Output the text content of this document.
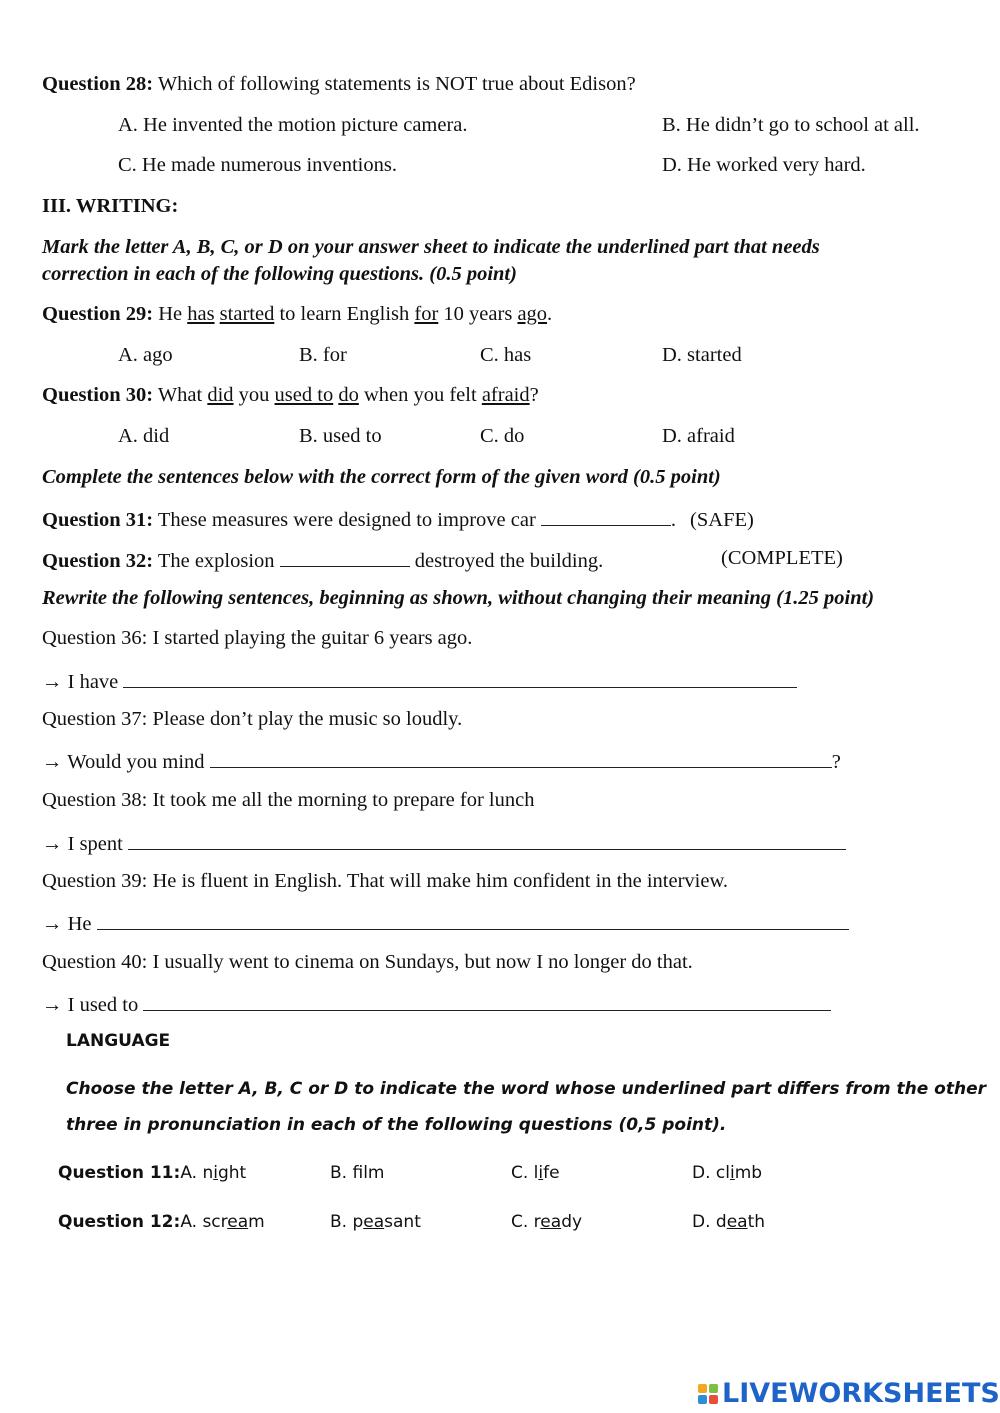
Question 28: Which of following statements is NOT true about Edison?
A. He invented the motion picture camera.	B. He didn’t go to school at all.
C. He made numerous inventions.	D. He worked very hard.
III. WRITING:
Mark the letter A, B, C, or D on your answer sheet to indicate the underlined part that needs
correction in each of the following questions. (0.5 point)
Question 29: He has started to learn English for 10 years ago.
A. ago	B. for	C. has	D. started
Question 30: What did you used to do when you felt afraid?
A. did	B. used to	C. do	D. afraid
Complete the sentences below with the correct form of the given word (0.5 point)
Question 31: These measures were designed to improve car	. (SAFE)
Question 32: The explosion	destroyed the building.	(COMPLETE)
Rewrite the following sentences, beginning as shown, without changing their meaning (1.25 point)
Question 36: I started playing the guitar 6 years ago.
→ I have
Question 37: Please don’t play the music so loudly.
→ Would you mind	?
Question 38: It took me all the morning to prepare for lunch
→ I spent
Question 39: He is fluent in English. That will make him confident in the interview.
→ He
Question 40: I usually went to cinema on Sundays, but now I no longer do that.
→ I used to
LANGUAGE
Choose the letter A, B, C or D to indicate the word whose underlined part differs from the other
three in pronunciation in each of the following questions (0,5 point).
Question 11:A. night	B. flm	C. life	D. climb
Question 12:A. scream	B. peasant	C. ready	D. death
LIVEWORKSHEETS
